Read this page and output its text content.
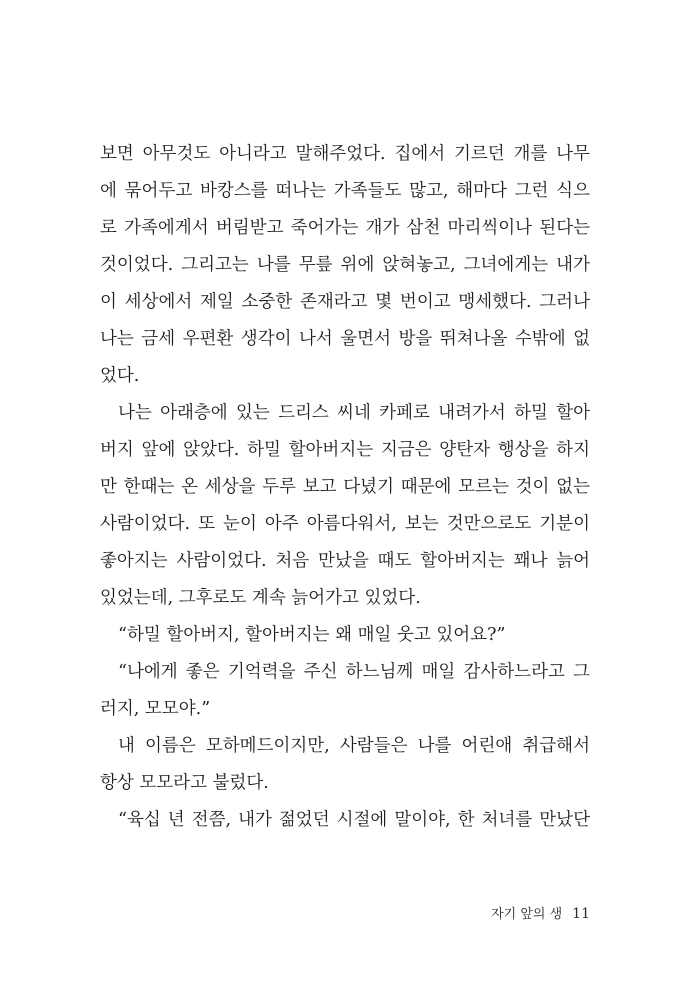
보면 아무것도 아니라고 말해주었다. 집에서 기르던 개를 나무
에 묶어두고 바캉스를 떠나는 가족들도 많고, 해마다 그런 식으
로 가족에게서 버림받고 죽어가는 개가 삼천 마리씩이나 된다는
것이었다. 그리고는 나를 무릎 위에 앉혀놓고, 그녀에게는 내가
이 세상에서 제일 소중한 존재라고 몇 번이고 맹세했다. 그러나
나는 금세 우편환 생각이 나서 울면서 방을 뛰쳐나올 수밖에 없
었다.
나는 아래층에 있는 드리스 씨네 카페로 내려가서 하밀 할아
버지 앞에 앉았다. 하밀 할아버지는 지금은 양탄자 행상을 하지
만 한때는 온 세상을 두루 보고 다녔기 때문에 모르는 것이 없는
사람이었다. 또 눈이 아주 아름다워서, 보는 것만으로도 기분이
좋아지는 사람이었다. 처음 만났을 때도 할아버지는 꽤나 늙어
있었는데, 그후로도 계속 늙어가고 있었다.
“하밀 할아버지, 할아버지는 왜 매일 웃고 있어요?”
“나에게 좋은 기억력을 주신 하느님께 매일 감사하느라고 그
러지, 모모야.”
내 이름은 모하메드이지만, 사람들은 나를 어린애 취급해서
항상 모모라고 불렀다.
“육십 년 전쯤, 내가 젊었던 시절에 말이야, 한 처녀를 만났단
자기 앞의 생 11
